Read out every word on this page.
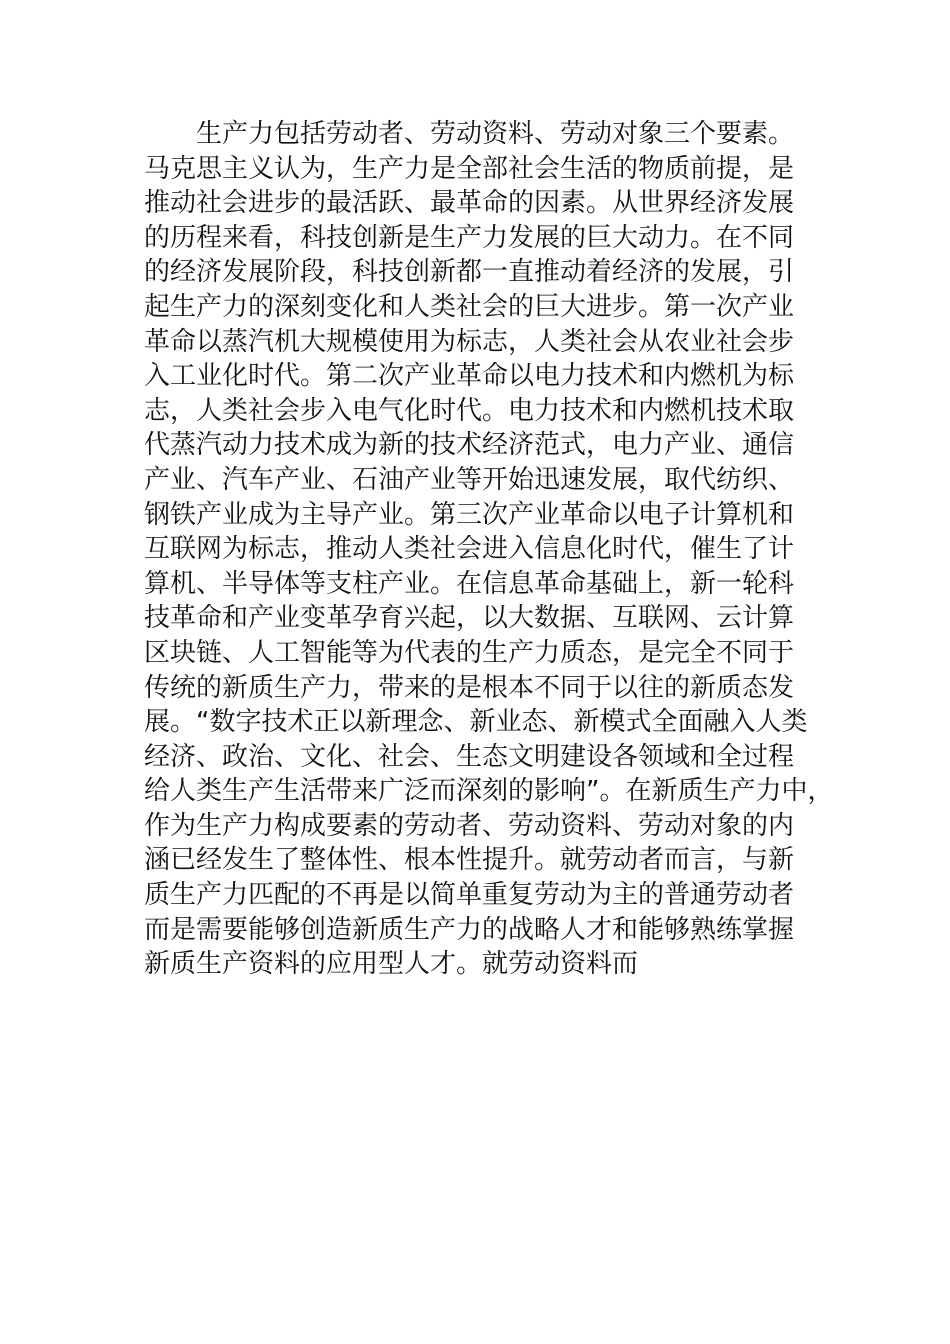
生产力包括劳动者、劳动资料、劳动对象三个要素。
马克思主义认为，生产力是全部社会生活的物质前提，是
推动社会进步的最活跃、最革命的因素。从世界经济发展
的历程来看，科技创新是生产力发展的巨大动力。在不同
的经济发展阶段，科技创新都一直推动着经济的发展，引
起生产力的深刻变化和人类社会的巨大进步。第一次产业
革命以蒸汽机大规模使用为标志，人类社会从农业社会步
入工业化时代。第二次产业革命以电力技术和内燃机为标
志，人类社会步入电气化时代。电力技术和内燃机技术取
代蒸汽动力技术成为新的技术经济范式，电力产业、通信
产业、汽车产业、石油产业等开始迅速发展，取代纺织、
钢铁产业成为主导产业。第三次产业革命以电子计算机和
互联网为标志，推动人类社会进入信息化时代，催生了计
算机、半导体等支柱产业。在信息革命基础上，新一轮科
技革命和产业变革孕育兴起，以大数据、互联网、云计算
区块链、人工智能等为代表的生产力质态，是完全不同于
传统的新质生产力，带来的是根本不同于以往的新质态发
展。“数字技术正以新理念、新业态、新模式全面融入人类
经济、政治、文化、社会、生态文明建设各领域和全过程
给人类生产生活带来广泛而深刻的影响”。在新质生产力中，
作为生产力构成要素的劳动者、劳动资料、劳动对象的内
涵已经发生了整体性、根本性提升。就劳动者而言，与新
质生产力匹配的不再是以简单重复劳动为主的普通劳动者
而是需要能够创造新质生产力的战略人才和能够熟练掌握
新质生产资料的应用型人才。就劳动资料而
